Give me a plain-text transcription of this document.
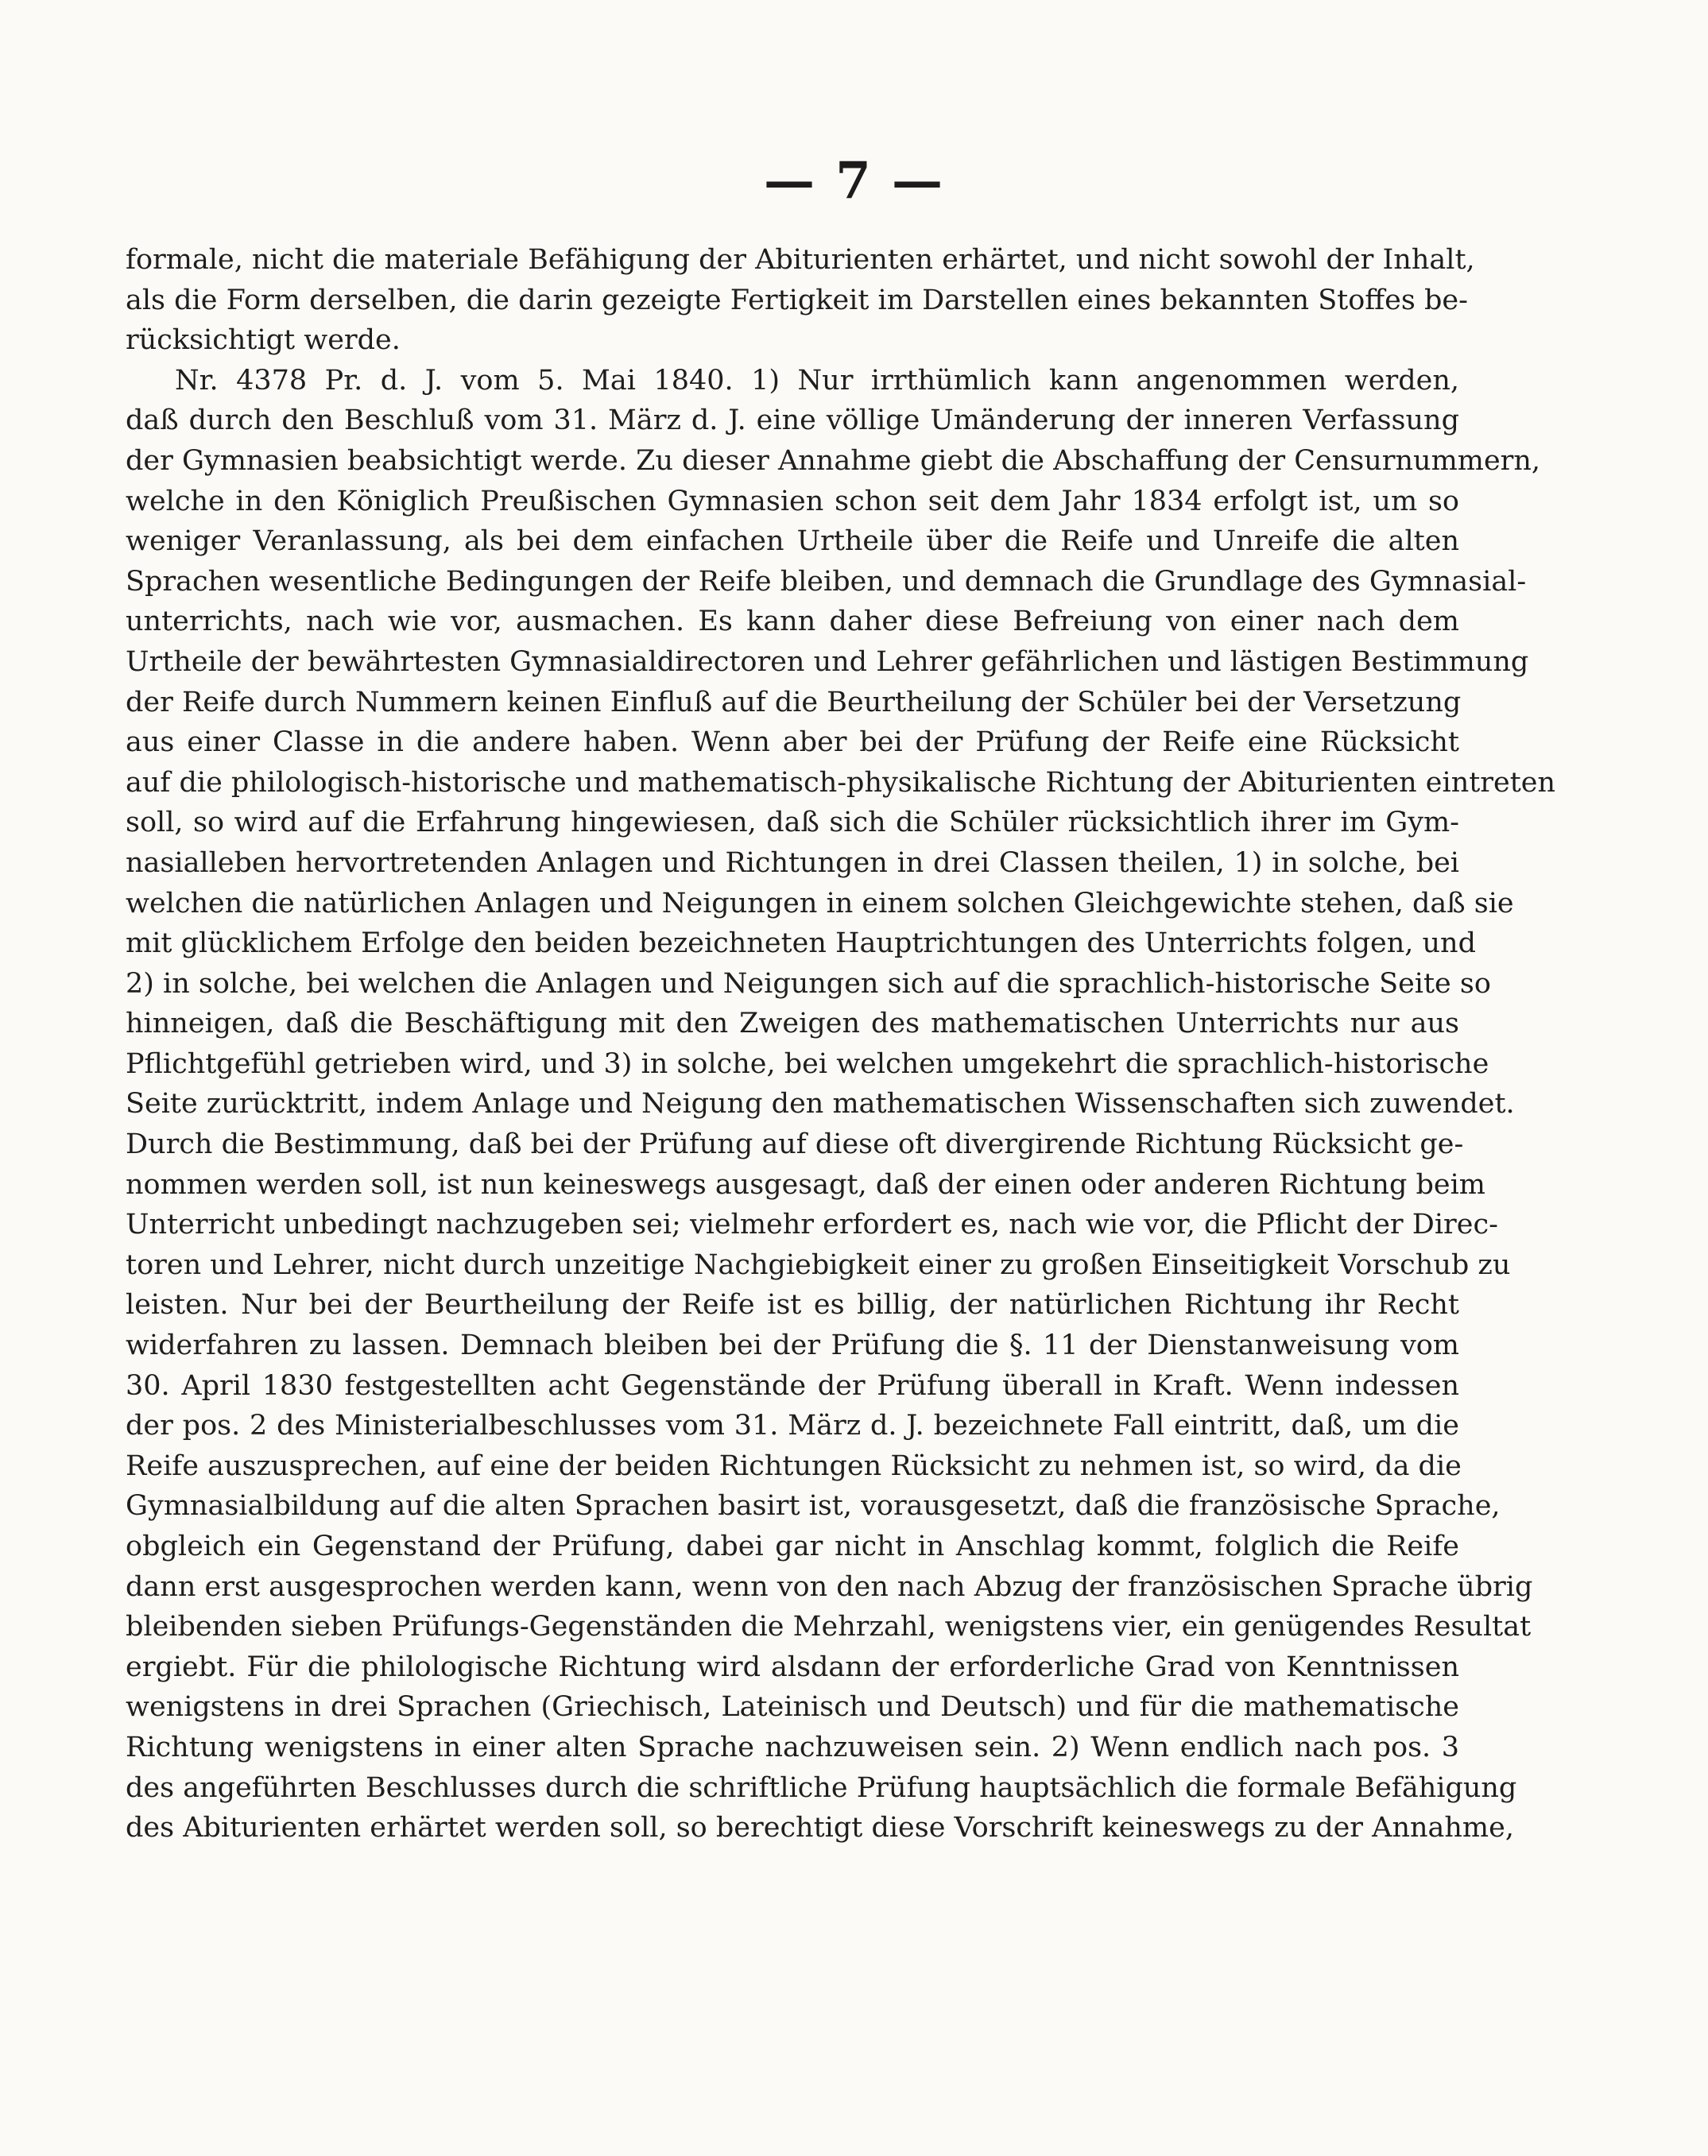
— 7 —
formale, nicht die materiale Befähigung der Abiturienten erhärtet, und nicht sowohl der Inhalt,
als die Form derselben, die darin gezeigte Fertigkeit im Darstellen eines bekannten Stoffes be-
rücksichtigt werde.
Nr. 4378 Pr. d. J. vom 5. Mai 1840. 1) Nur irrthümlich kann angenommen werden,
daß durch den Beschluß vom 31. März d. J. eine völlige Umänderung der inneren Verfassung
der Gymnasien beabsichtigt werde. Zu dieser Annahme giebt die Abschaffung der Censurnummern,
welche in den Königlich Preußischen Gymnasien schon seit dem Jahr 1834 erfolgt ist, um so
weniger Veranlassung, als bei dem einfachen Urtheile über die Reife und Unreife die alten
Sprachen wesentliche Bedingungen der Reife bleiben, und demnach die Grundlage des Gymnasial-
unterrichts, nach wie vor, ausmachen. Es kann daher diese Befreiung von einer nach dem
Urtheile der bewährtesten Gymnasialdirectoren und Lehrer gefährlichen und lästigen Bestimmung
der Reife durch Nummern keinen Einfluß auf die Beurtheilung der Schüler bei der Versetzung
aus einer Classe in die andere haben. Wenn aber bei der Prüfung der Reife eine Rücksicht
auf die philologisch-historische und mathematisch-physikalische Richtung der Abiturienten eintreten
soll, so wird auf die Erfahrung hingewiesen, daß sich die Schüler rücksichtlich ihrer im Gym-
nasialleben hervortretenden Anlagen und Richtungen in drei Classen theilen, 1) in solche, bei
welchen die natürlichen Anlagen und Neigungen in einem solchen Gleichgewichte stehen, daß sie
mit glücklichem Erfolge den beiden bezeichneten Hauptrichtungen des Unterrichts folgen, und
2) in solche, bei welchen die Anlagen und Neigungen sich auf die sprachlich-historische Seite so
hinneigen, daß die Beschäftigung mit den Zweigen des mathematischen Unterrichts nur aus
Pflichtgefühl getrieben wird, und 3) in solche, bei welchen umgekehrt die sprachlich-historische
Seite zurücktritt, indem Anlage und Neigung den mathematischen Wissenschaften sich zuwendet.
Durch die Bestimmung, daß bei der Prüfung auf diese oft divergirende Richtung Rücksicht ge-
nommen werden soll, ist nun keineswegs ausgesagt, daß der einen oder anderen Richtung beim
Unterricht unbedingt nachzugeben sei; vielmehr erfordert es, nach wie vor, die Pflicht der Direc-
toren und Lehrer, nicht durch unzeitige Nachgiebigkeit einer zu großen Einseitigkeit Vorschub zu
leisten. Nur bei der Beurtheilung der Reife ist es billig, der natürlichen Richtung ihr Recht
widerfahren zu lassen. Demnach bleiben bei der Prüfung die §. 11 der Dienstanweisung vom
30. April 1830 festgestellten acht Gegenstände der Prüfung überall in Kraft. Wenn indessen
der pos. 2 des Ministerialbeschlusses vom 31. März d. J. bezeichnete Fall eintritt, daß, um die
Reife auszusprechen, auf eine der beiden Richtungen Rücksicht zu nehmen ist, so wird, da die
Gymnasialbildung auf die alten Sprachen basirt ist, vorausgesetzt, daß die französische Sprache,
obgleich ein Gegenstand der Prüfung, dabei gar nicht in Anschlag kommt, folglich die Reife
dann erst ausgesprochen werden kann, wenn von den nach Abzug der französischen Sprache übrig
bleibenden sieben Prüfungs-Gegenständen die Mehrzahl, wenigstens vier, ein genügendes Resultat
ergiebt. Für die philologische Richtung wird alsdann der erforderliche Grad von Kenntnissen
wenigstens in drei Sprachen (Griechisch, Lateinisch und Deutsch) und für die mathematische
Richtung wenigstens in einer alten Sprache nachzuweisen sein. 2) Wenn endlich nach pos. 3
des angeführten Beschlusses durch die schriftliche Prüfung hauptsächlich die formale Befähigung
des Abiturienten erhärtet werden soll, so berechtigt diese Vorschrift keineswegs zu der Annahme,
